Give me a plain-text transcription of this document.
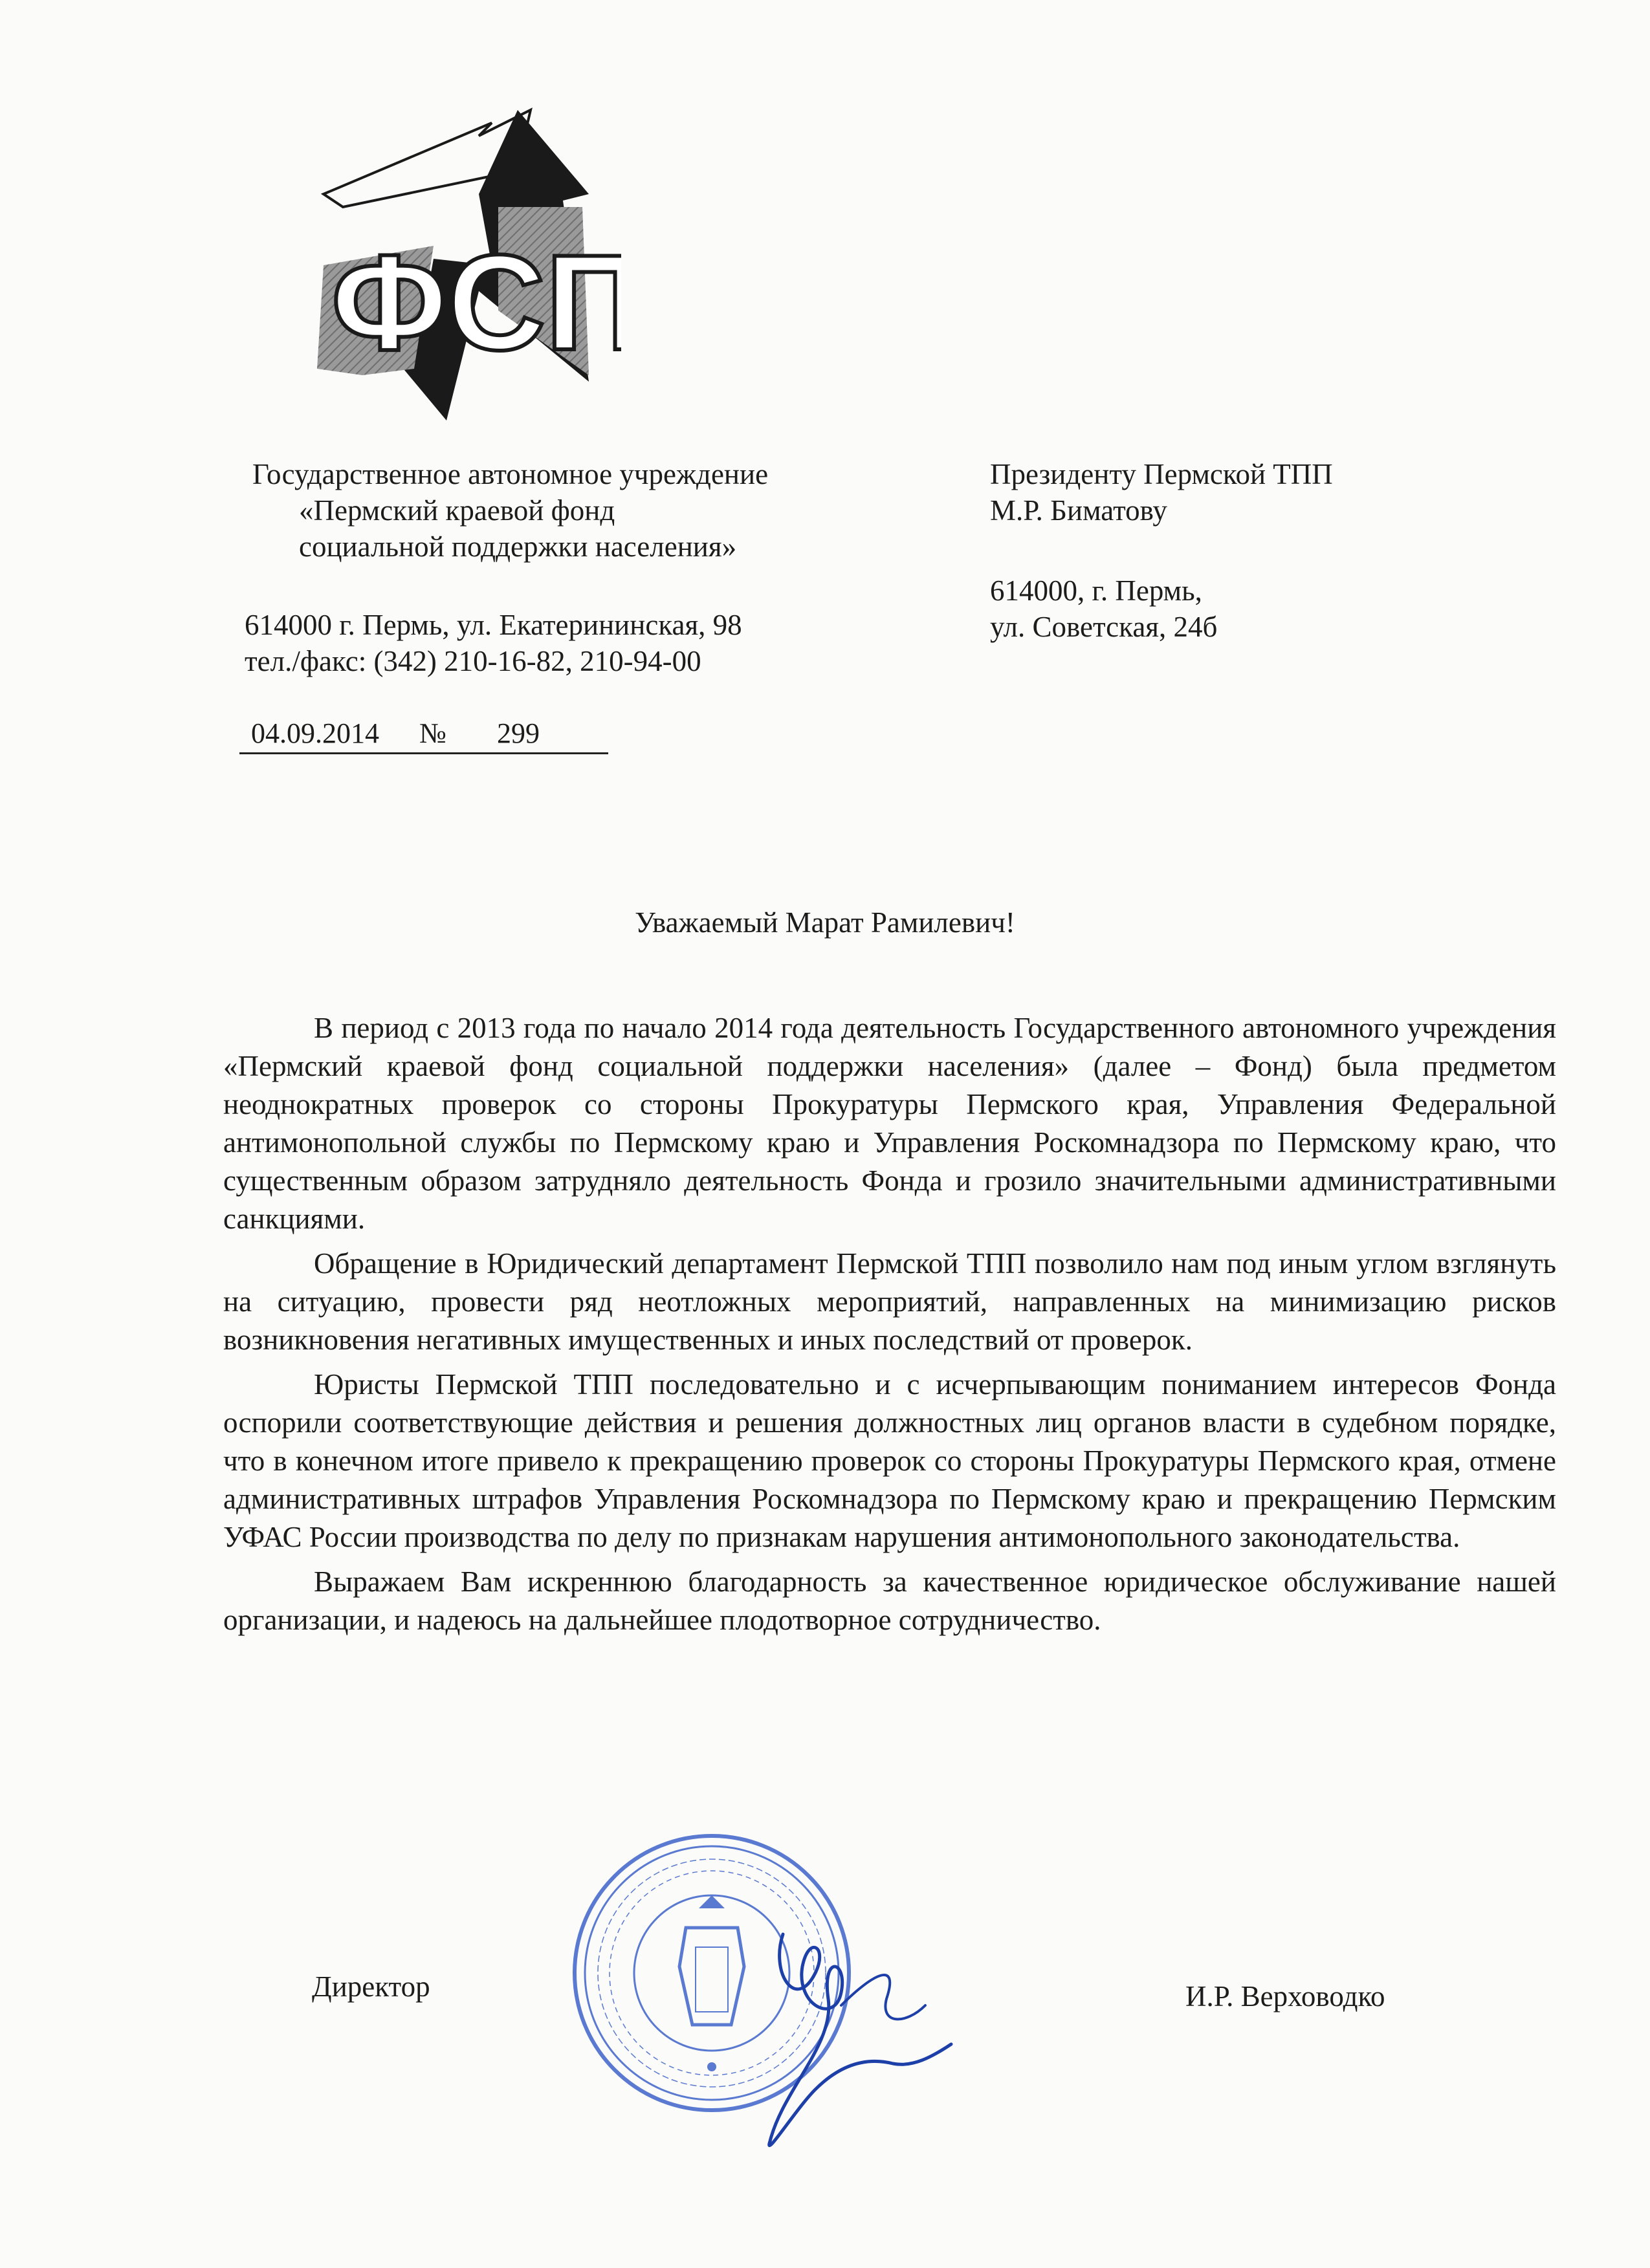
ФСП
Государственное автономное учреждение
«Пермский краевой фонд
социальной поддержки населения»
614000 г. Пермь, ул. Екатерининская, 98
тел./факс: (342) 210-16-82, 210-94-00
04.09.2014 № 299
Президенту Пермской ТПП
М.Р. Биматову
614000, г. Пермь,
ул. Советская, 24б
Уважаемый Марат Рамилевич!

В период с 2013 года по начало 2014 года деятельность Государственного автономного учреждения «Пермский краевой фонд социальной поддержки населения» (далее – Фонд) была предметом неоднократных проверок со стороны Прокуратуры Пермского края, Управления Федеральной антимонопольной службы по Пермскому краю и Управления Роскомнадзора по Пермскому краю, что существенным образом затрудняло деятельность Фонда и грозило значительными административными санкциями.

Обращение в Юридический департамент Пермской ТПП позволило нам под иным углом взглянуть на ситуацию, провести ряд неотложных мероприятий, направленных на минимизацию рисков возникновения негативных имущественных и иных последствий от проверок.

Юристы Пермской ТПП последовательно и с исчерпывающим пониманием интересов Фонда оспорили соответствующие действия и решения должностных лиц органов власти в судебном порядке, что в конечном итоге привело к прекращению проверок со стороны Прокуратуры Пермского края, отмене административных штрафов Управления Роскомнадзора по Пермскому краю и прекращению Пермским УФАС России производства по делу по признакам нарушения антимонопольного законодательства.

Выражаем Вам искреннюю благодарность за качественное юридическое обслуживание нашей организации, и надеюсь на дальнейшее плодотворное сотрудничество.

Директор	И.Р. Верховодко
